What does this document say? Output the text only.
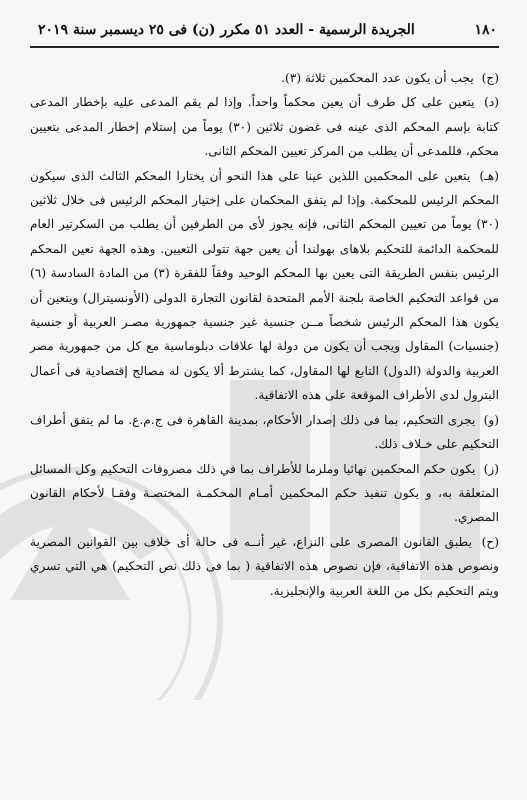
١٨٠
الجريدة الرسمية - العدد ٥١ مكرر (ن) فى ٢٥ ديسمبر سنة ٢٠١٩

(ج) يجب أن يكون عدد المحكمين ثلاثة (٣).

(د) يتعين على كل طرف أن يعين محكماً واحداً. وإذا لم يقم المدعى عليه بإخطار المدعى كتابة بإسم المحكم الذى عينه فى غضون ثلاثين (٣٠) يوماً من إستلام إخطار المدعى بتعيين محكم، فللمدعى أن يطلب من المركز تعيين المحكم الثانى.

(هـ) يتعين على المحكمين اللذين عينا على هذا النحو أن يختارا المحكم الثالث الذى سيكون المحكم الرئيس للمحكمة. وإذا لم يتفق المحكمان على إختيار المحكم الرئيس فى خلال ثلاثين (٣٠) يوماً من تعيين المحكم الثانى، فإنه يجوز لأى من الطرفين أن يطلب من السكرتير العام للمحكمة الدائمة للتحكيم بلاهاى بهولندا أن يعين جهة تتولى التعيين. وهذه الجهة تعين المحكم الرئيس بنفس الطريقة التى يعين بها المحكم الوحيد وفقاً للفقرة (٣) من المادة السادسة (٦) من قواعد التحكيم الخاصة بلجنة الأمم المتحدة لقانون التجارة الدولى (الأونسيترال) ويتعين أن يكون هذا المحكم الرئيس شخصاً مــن جنسية غير جنسية جمهورية مصـر العربية أو جنسية (جنسيات) المقاول ويجب أن يكون من دولة لها علاقات دبلوماسية مع كل من جمهورية مصر العربية والدولة (الدول) التابع لها المقاول، كما يشترط ألا يكون له مصالح إقتصادية فى أعمال البترول لدى الأطراف الموقعة على هذه الاتفاقية.

(و) يجرى التحكيم، بما فى ذلك إصدار الأحكام، بمدينة القاهرة فى ج.م.ع. ما لم يتفق أطراف التحكيم على خـلاف ذلك.

(ز) يكون حكم المحكمين نهائيا وملزما للأطراف بما في ذلك مصروفات التحكيم وكل المسائل المتعلقة به، و يكون تنفيذ حكم المحكمين أمـام المحكمـة المختصـة وفقـا لأحكام القانون المصري.

(ح) يطبق القانون المصرى على النزاع، غير أنــه فى حالة أى خلاف بين القوانين المصرية ونصوص هذه الاتفاقية، فإن نصوص هذه الاتفاقية ( بما فى ذلك نص التحكيم) هي التي تسري ويتم التحكيم بكل من اللغة العربية والإنجليزية.
